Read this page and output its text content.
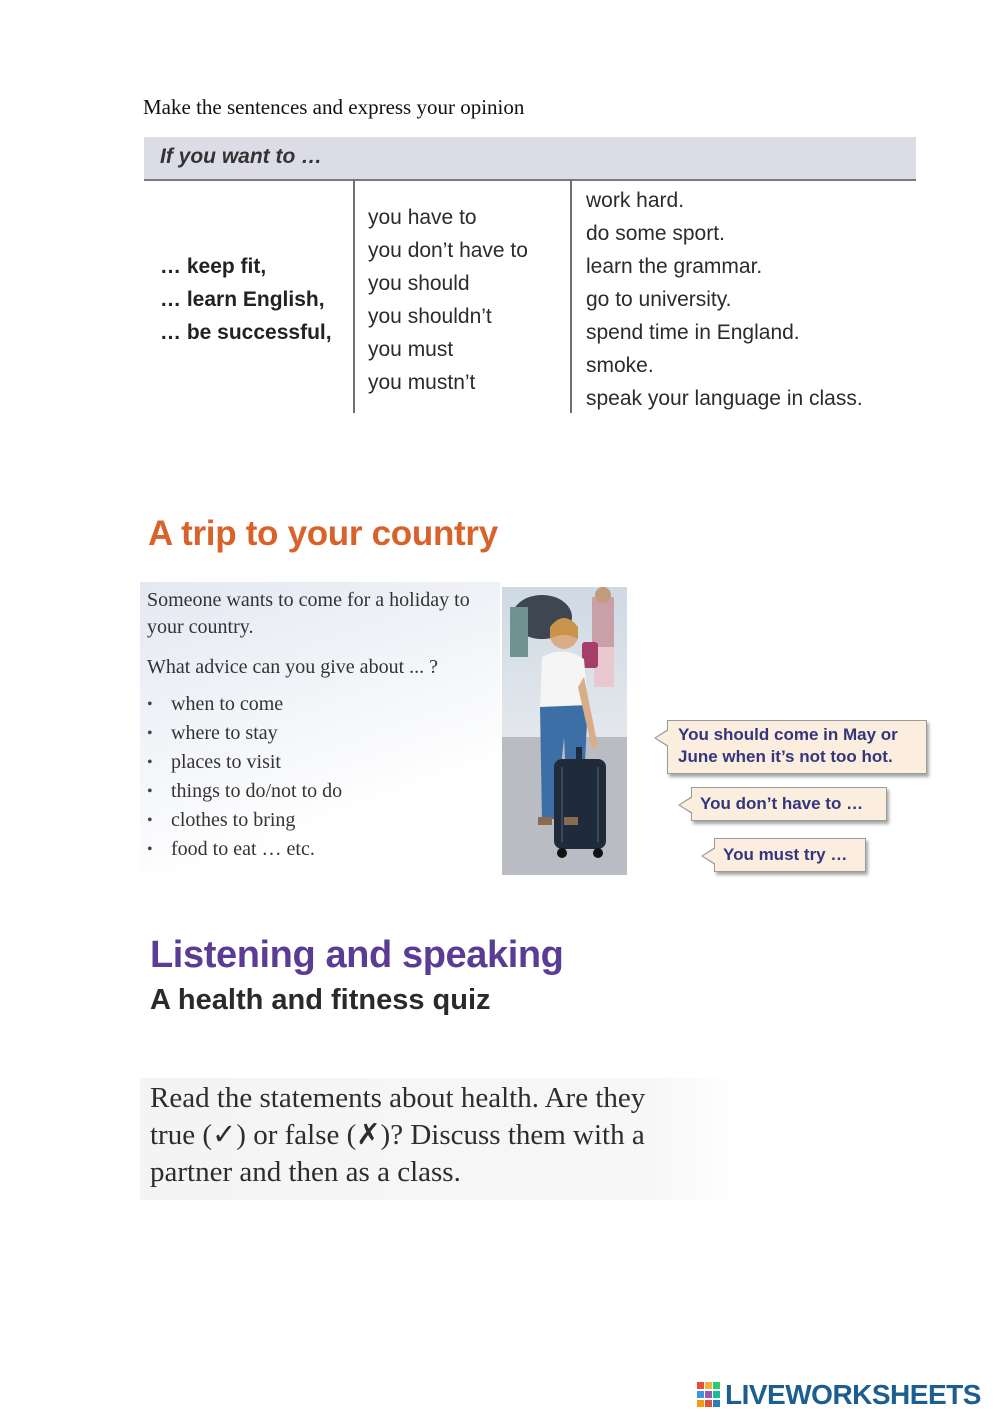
Make the sentences and express your opinion
If you want to …
… keep fit,
… learn English,
… be successful,
you have to
you don’t have to
you should
you shouldn’t
you must
you mustn’t
work hard.
do some sport.
learn the grammar.
go to university.
spend time in England.
smoke.
speak your language in class.
A trip to your country
Someone wants to come for a holiday to your country.
What advice can you give about ... ?
• when to come
• where to stay
• places to visit
• things to do/not to do
• clothes to bring
• food to eat … etc.
You should come in May or June when it’s not too hot.
You don’t have to …
You must try …
Listening and speaking
A health and fitness quiz
Read the statements about health. Are they
true (✓) or false (✗)? Discuss them with a
partner and then as a class.
LIVEWORKSHEETS
